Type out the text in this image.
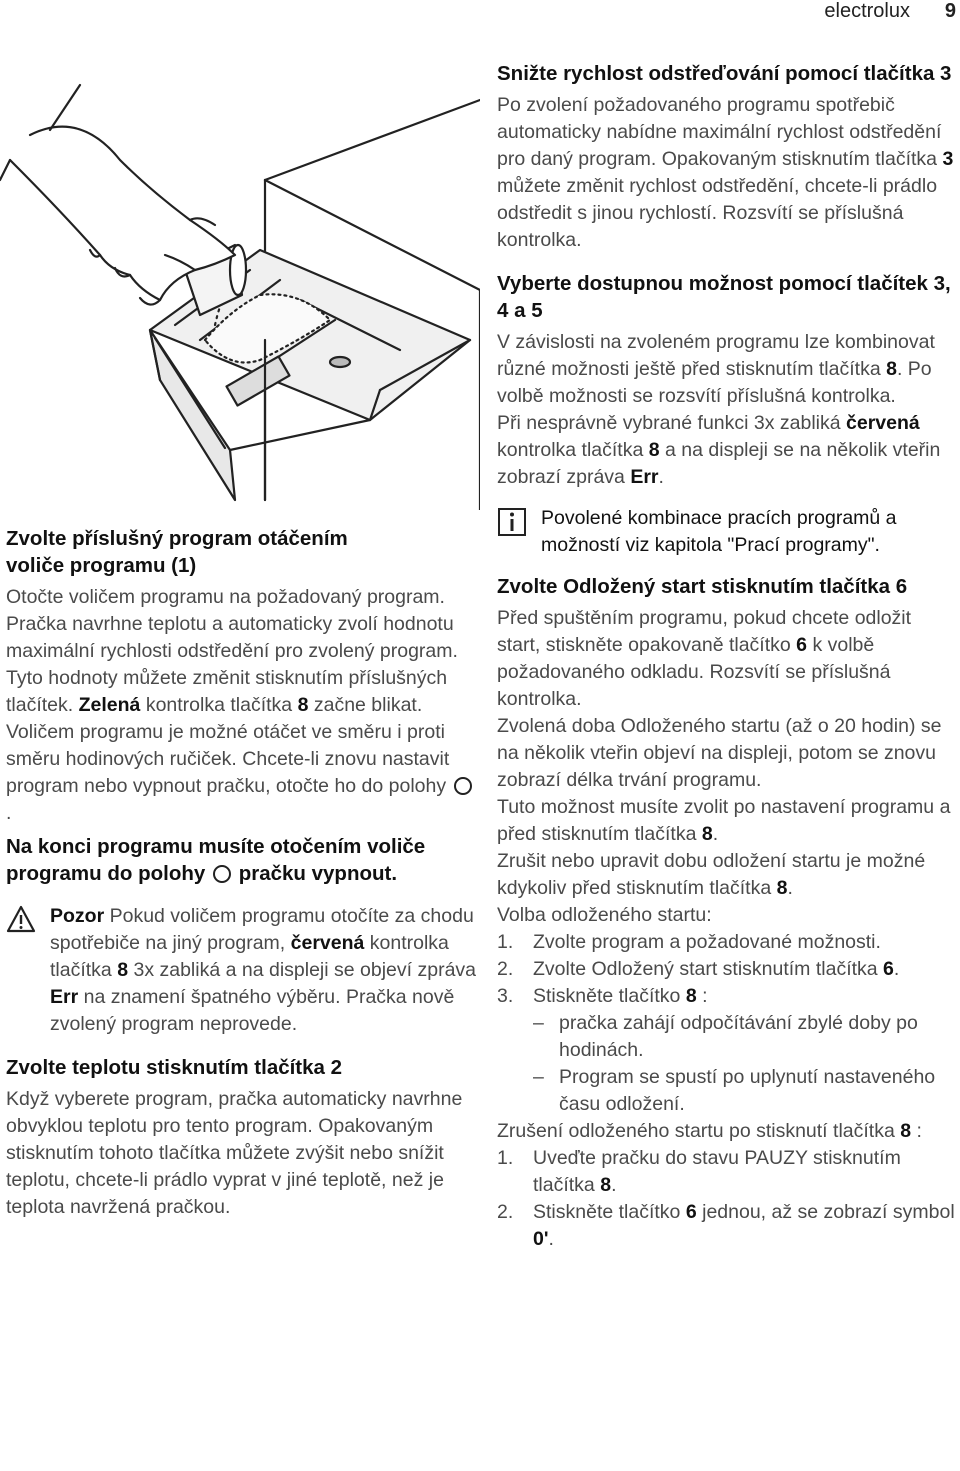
electrolux 9
Zvolte příslušný program otáčením
voliče programu (1)

Otočte voličem programu na požadovaný program. Pračka navrhne teplotu a automaticky zvolí hodnotu maximální rychlosti odstředění pro zvolený program. Tyto hodnoty můžete změnit stisknutím příslušných tlačítek. Zelená kontrolka tlačítka 8 začne blikat.

Voličem programu je možné otáčet ve směru i proti směru hodinových ručiček. Chcete-li znovu nastavit program nebo vypnout pračku, otočte ho do polohy .

Na konci programu musíte otočením voliče programu do polohy pračku vypnout.

Pozor Pokud voličem programu otočíte za chodu spotřebiče na jiný program, červená kontrolka tlačítka 8 3x zabliká a na displeji se objeví zpráva Err na znamení špatného výběru. Pračka nově zvolený program neprovede.

Zvolte teplotu stisknutím tlačítka 2

Když vyberete program, pračka automaticky navrhne obvyklou teplotu pro tento program. Opakovaným stisknutím tohoto tlačítka můžete zvýšit nebo snížit teplotu, chcete-li prádlo vyprat v jiné teplotě, než je teplota navržená pračkou.

Snižte rychlost odstřeďování pomocí tlačítka 3

Po zvolení požadovaného programu spotřebič automaticky nabídne maximální rychlost odstředění pro daný program. Opakovaným stisknutím tlačítka 3 můžete změnit rychlost odstředění, chcete-li prádlo odstředit s jinou rychlostí. Rozsvítí se příslušná kontrolka.

Vyberte dostupnou možnost pomocí tlačítek 3, 4 a 5

V závislosti na zvoleném programu lze kombinovat různé možnosti ještě před stisknutím tlačítka 8. Po volbě možnosti se rozsvítí příslušná kontrolka.

Při nesprávně vybrané funkci 3x zabliká červená kontrolka tlačítka 8 a na displeji se na několik vteřin zobrazí zpráva Err.

Povolené kombinace pracích programů a možností viz kapitola "Prací programy".

Zvolte Odložený start stisknutím tlačítka 6

Před spuštěním programu, pokud chcete odložit start, stiskněte opakovaně tlačítko 6 k volbě požadovaného odkladu. Rozsvítí se příslušná kontrolka.

Zvolená doba Odloženého startu (až o 20 hodin) se na několik vteřin objeví na displeji, potom se znovu zobrazí délka trvání programu.

Tuto možnost musíte zvolit po nastavení programu a před stisknutím tlačítka 8.

Zrušit nebo upravit dobu odložení startu je možné kdykoliv před stisknutím tlačítka 8.

Volba odloženého startu:

1. Zvolte program a požadované možnosti.
2. Zvolte Odložený start stisknutím tlačítka 6.
3. Stiskněte tlačítko 8 :
– pračka zahájí odpočítávání zbylé doby po hodinách.
– Program se spustí po uplynutí nastaveného času odložení.

Zrušení odloženého startu po stisknutí tlačítka 8 :

1. Uveďte pračku do stavu PAUZY stisknutím tlačítka 8.
2. Stiskněte tlačítko 6 jednou, až se zobrazí symbol 0'.
